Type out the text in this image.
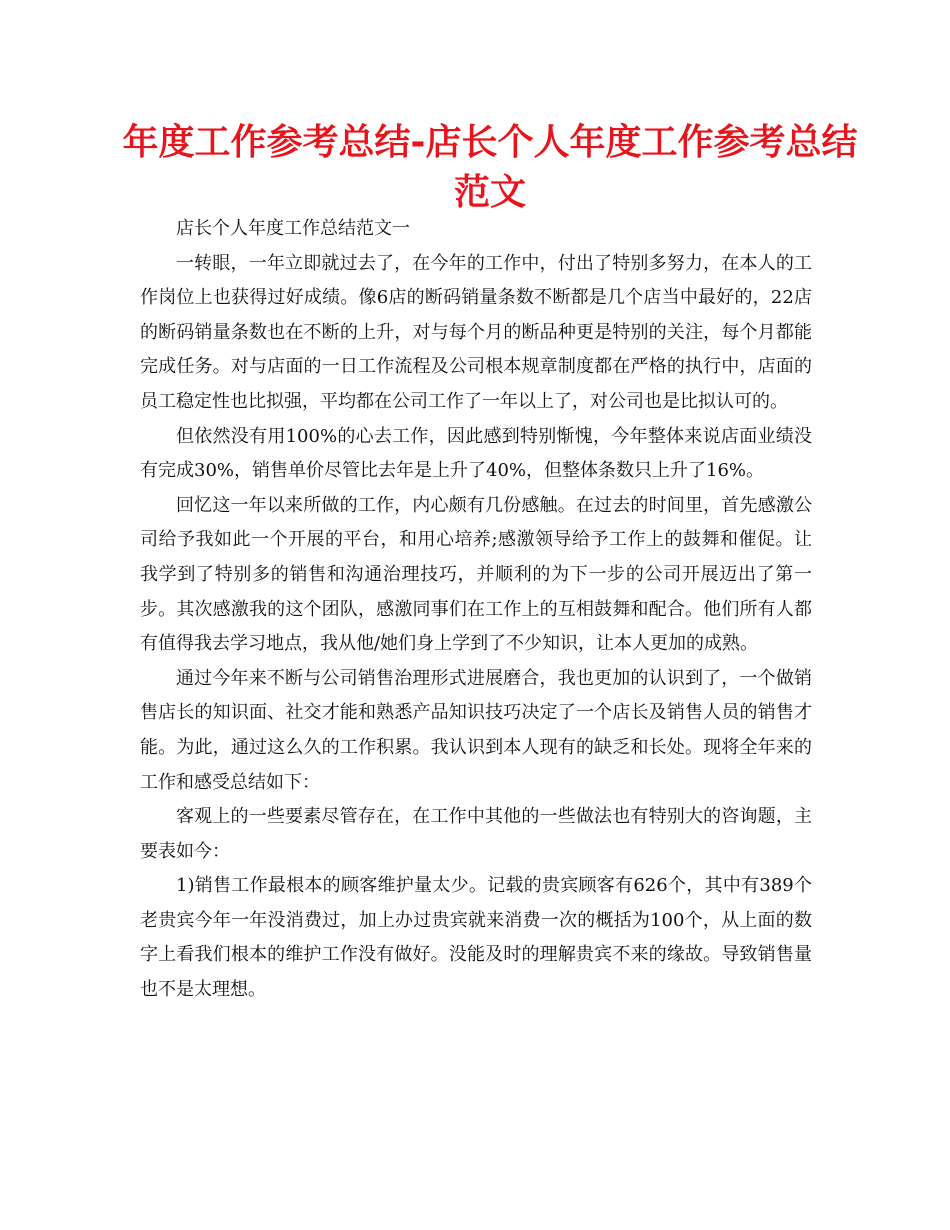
年度工作参考总结-店长个人年度工作参考总结范文

店长个人年度工作总结范文一

一转眼，一年立即就过去了，在今年的工作中，付出了特别多努力，在本人的工作岗位上也获得过好成绩。像6店的断码销量条数不断都是几个店当中最好的，22店的断码销量条数也在不断的上升，对与每个月的断品种更是特别的关注，每个月都能完成任务。对与店面的一日工作流程及公司根本规章制度都在严格的执行中，店面的员工稳定性也比拟强，平均都在公司工作了一年以上了，对公司也是比拟认可的。

但依然没有用100%的心去工作，因此感到特别惭愧，今年整体来说店面业绩没有完成30%，销售单价尽管比去年是上升了40%，但整体条数只上升了16%。

回忆这一年以来所做的工作，内心颇有几份感触。在过去的时间里，首先感激公司给予我如此一个开展的平台，和用心培养;感激领导给予工作上的鼓舞和催促。让我学到了特别多的销售和沟通治理技巧，并顺利的为下一步的公司开展迈出了第一步。其次感激我的这个团队，感激同事们在工作上的互相鼓舞和配合。他们所有人都有值得我去学习地点，我从他/她们身上学到了不少知识，让本人更加的成熟。

通过今年来不断与公司销售治理形式进展磨合，我也更加的认识到了，一个做销售店长的知识面、社交才能和熟悉产品知识技巧决定了一个店长及销售人员的销售才能。为此，通过这么久的工作积累。我认识到本人现有的缺乏和长处。现将全年来的工作和感受总结如下：

客观上的一些要素尽管存在，在工作中其他的一些做法也有特别大的咨询题，主要表如今：

1)销售工作最根本的顾客维护量太少。记载的贵宾顾客有626个，其中有389个老贵宾今年一年没消费过，加上办过贵宾就来消费一次的概括为100个，从上面的数字上看我们根本的维护工作没有做好。没能及时的理解贵宾不来的缘故。导致销售量也不是太理想。
